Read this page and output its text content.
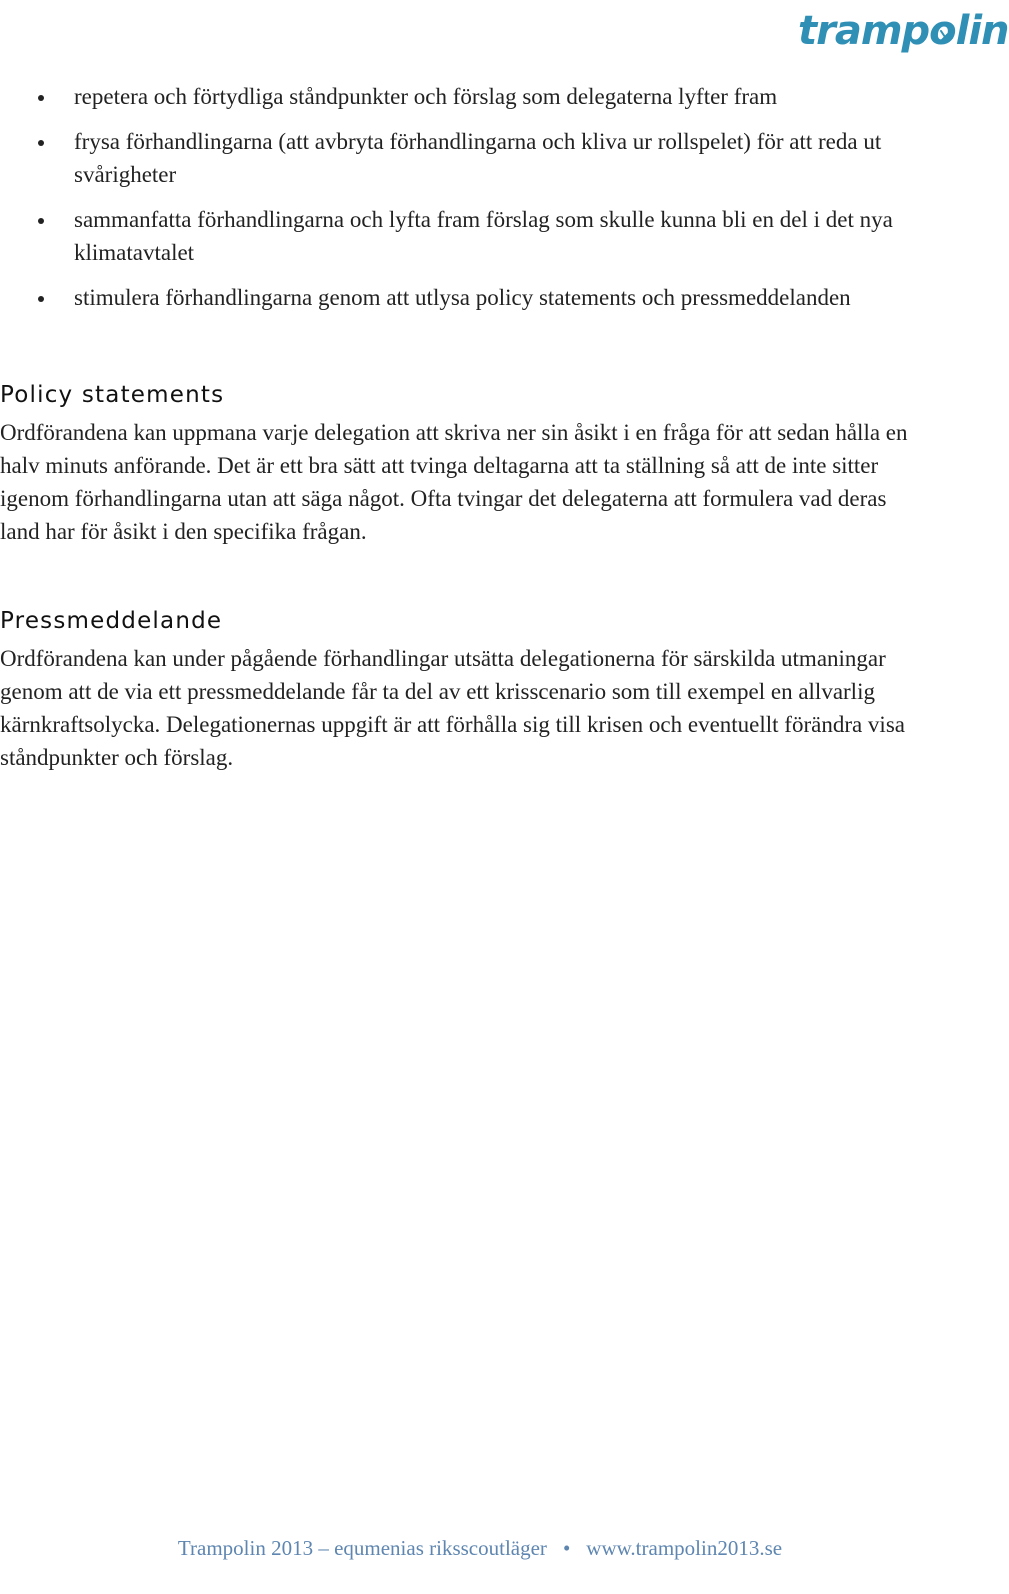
trampolin
repetera och förtydliga ståndpunkter och förslag som delegaterna lyfter fram
frysa förhandlingarna (att avbryta förhandlingarna och kliva ur rollspelet) för att reda ut svårigheter
sammanfatta förhandlingarna och lyfta fram förslag som skulle kunna bli en del i det nya klimatavtalet
stimulera förhandlingarna genom att utlysa policy statements och pressmeddelanden
Policy statements

Ordförandena kan uppmana varje delegation att skriva ner sin åsikt i en fråga för att sedan hålla en halv minuts anförande. Det är ett bra sätt att tvinga deltagarna att ta ställning så att de inte sitter igenom förhandlingarna utan att säga något. Ofta tvingar det delegaterna att formulera vad deras land har för åsikt i den specifika frågan.

Pressmeddelande

Ordförandena kan under pågående förhandlingar utsätta delegationerna för särskilda utmaningar genom att de via ett pressmeddelande får ta del av ett krisscenario som till exempel en allvarlig kärnkraftsolycka. Delegationernas uppgift är att förhålla sig till krisen och eventuellt förändra visa ståndpunkter och förslag.

Trampolin 2013 – equmenias riksscoutläger • www.trampolin2013.se
